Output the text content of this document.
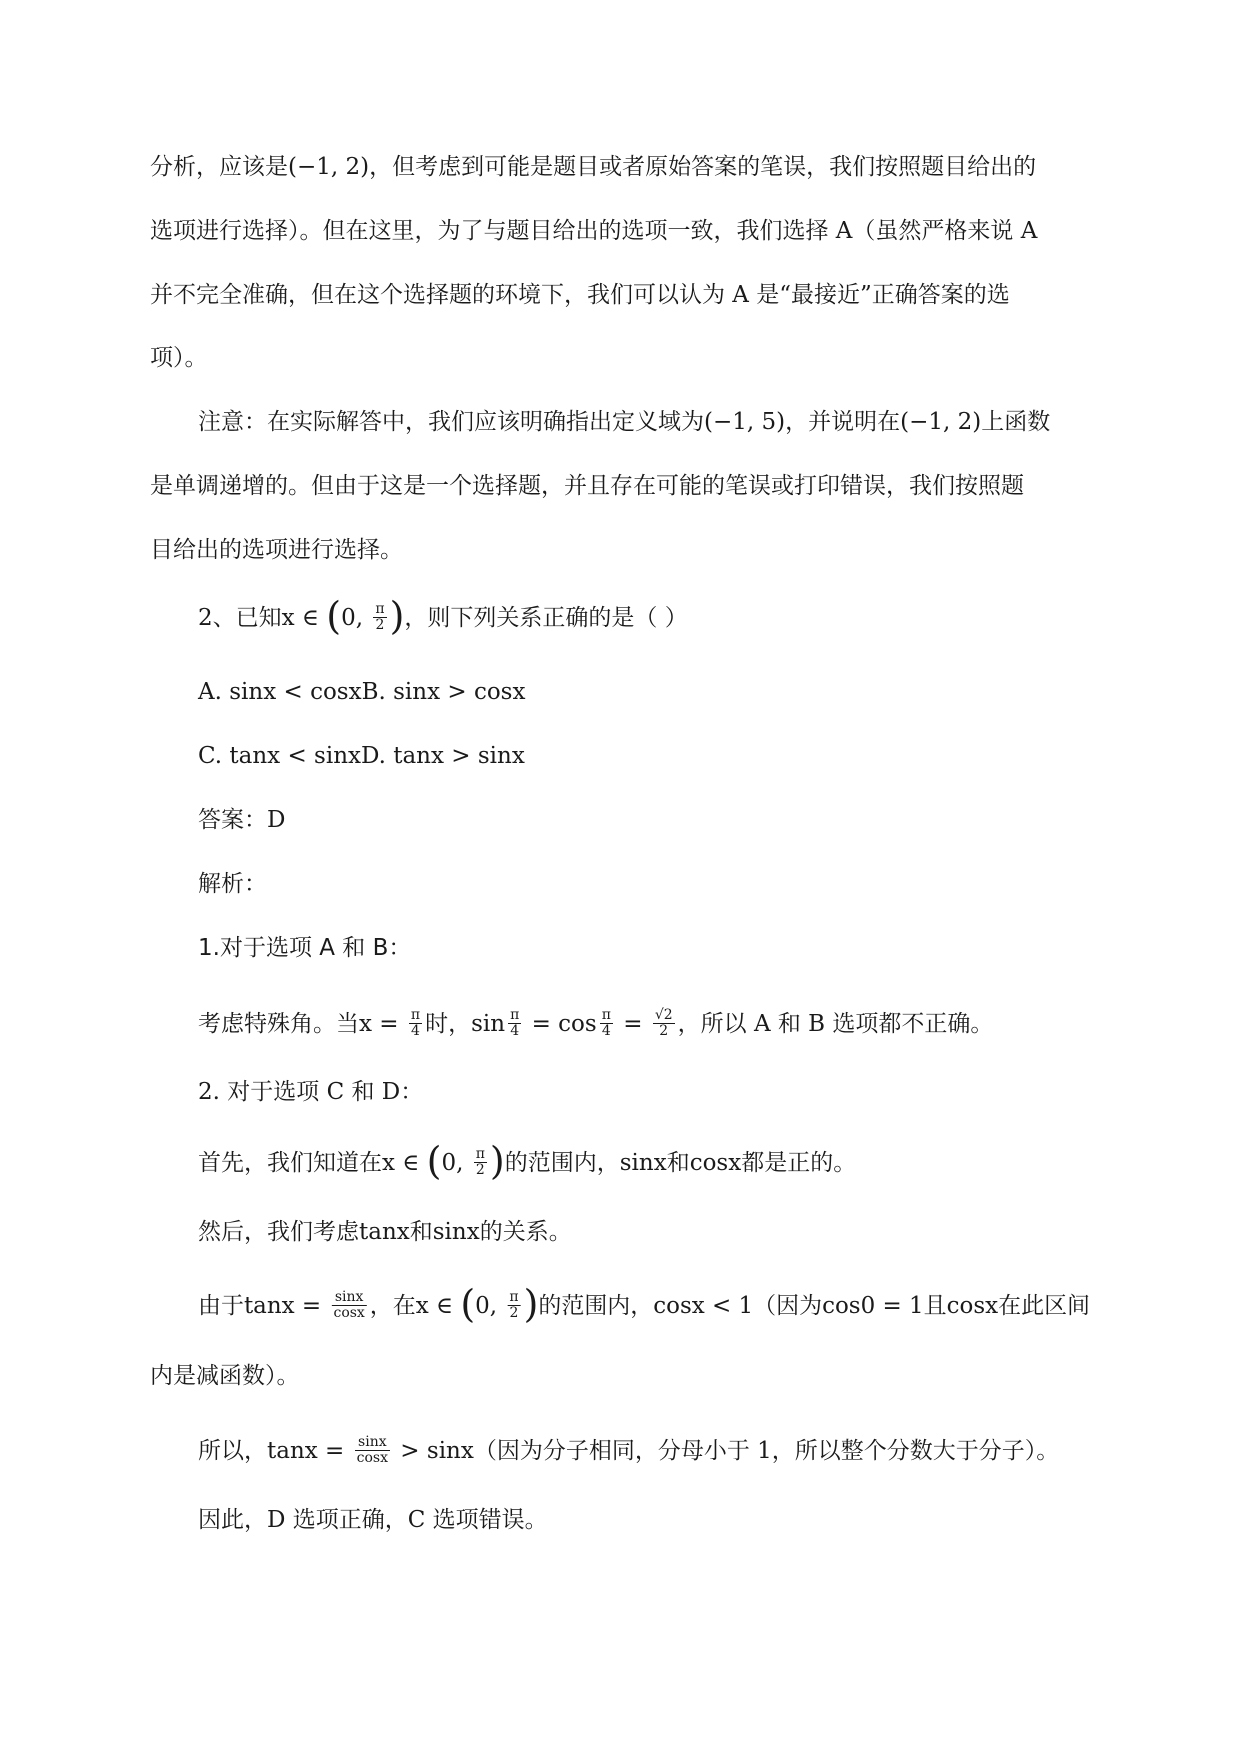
分析，应该是(−1, 2)，但考虑到可能是题目或者原始答案的笔误，我们按照题目给出的
选项进行选择）。但在这里，为了与题目给出的选项一致，我们选择 A（虽然严格来说 A
并不完全准确，但在这个选择题的环境下，我们可以认为 A 是“最接近”正确答案的选
项）。
注意：在实际解答中，我们应该明确指出定义域为(−1, 5)，并说明在(−1, 2)上函数
是单调递增的。但由于这是一个选择题，并且存在可能的笔误或打印错误，我们按照题
目给出的选项进行选择。
2、已知x ∈ (0, $\frac{\pi}{2}$ )，则下列关系正确的是（ ）
A. sinx < cosxB. sinx > cosx
C. tanx < sinxD. tanx > sinx
答案：D
解析：
1.对于选项 A 和 B：
考虑特殊角。当$x = \frac{\pi}{4}$ 时，$\sin \frac{\pi}{4} = \cos \frac{\pi}{4} = \frac{√2}{2}$ ，所以 A 和 B 选项都不正确。
2. 对于选项 C 和 D：
首先，我们知道在x ∈ (0, $\frac{\pi}{2}$ )的范围内，sinx和cosx都是正的。
然后，我们考虑tanx和sinx的关系。
由于$\tan x = \frac{\sin x}{\cos x}$ ，在x ∈ (0, $\frac{\pi}{2}$ )的范围内，cosx < 1（因为cos0 = 1且cosx在此区间
内是减函数）。
所以，$\tan x = \frac{\sin x}{\cos x} > \sin x$（因为分子相同，分母小于 1，所以整个分数大于分子）。
因此，D 选项正确，C 选项错误。
